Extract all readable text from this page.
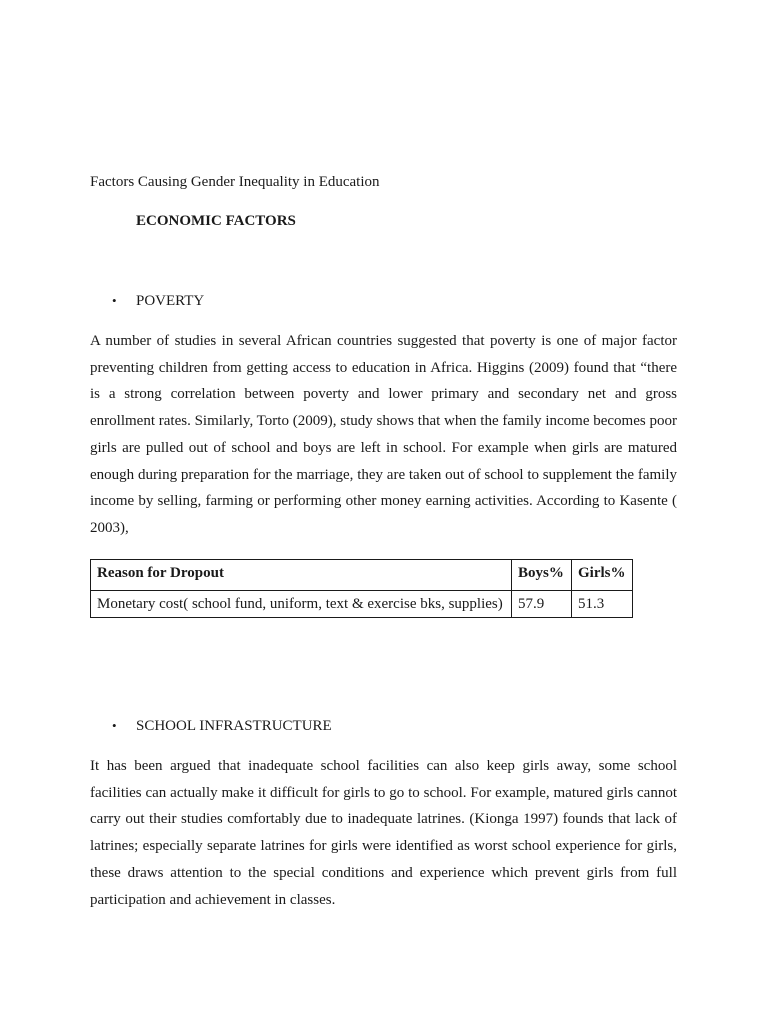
Factors Causing Gender Inequality in Education

ECONOMIC FACTORS

•	POVERTY

A number of studies in several African countries suggested that poverty is one of major factor preventing children from getting access to education in Africa. Higgins (2009) found that “there is a strong correlation between poverty and lower primary and secondary net and gross enrollment rates. Similarly, Torto (2009), study shows that when the family income becomes poor girls are pulled out of school and boys are left in school. For example when girls are matured enough during preparation for the marriage, they are taken out of school to supplement the family income by selling, farming or performing other money earning activities. According to Kasente ( 2003),

Reason for Dropout	Boys%	Girls%
Monetary cost( school fund, uniform, text & exercise bks, supplies)	57.9	51.3
•	SCHOOL INFRASTRUCTURE

It has been argued that inadequate school facilities can also keep girls away, some school facilities can actually make it difficult for girls to go to school. For example, matured girls cannot carry out their studies comfortably due to inadequate latrines. (Kionga 1997) founds that lack of latrines; especially separate latrines for girls were identified as worst school experience for girls, these draws attention to the special conditions and experience which prevent girls from full participation and achievement in classes.
